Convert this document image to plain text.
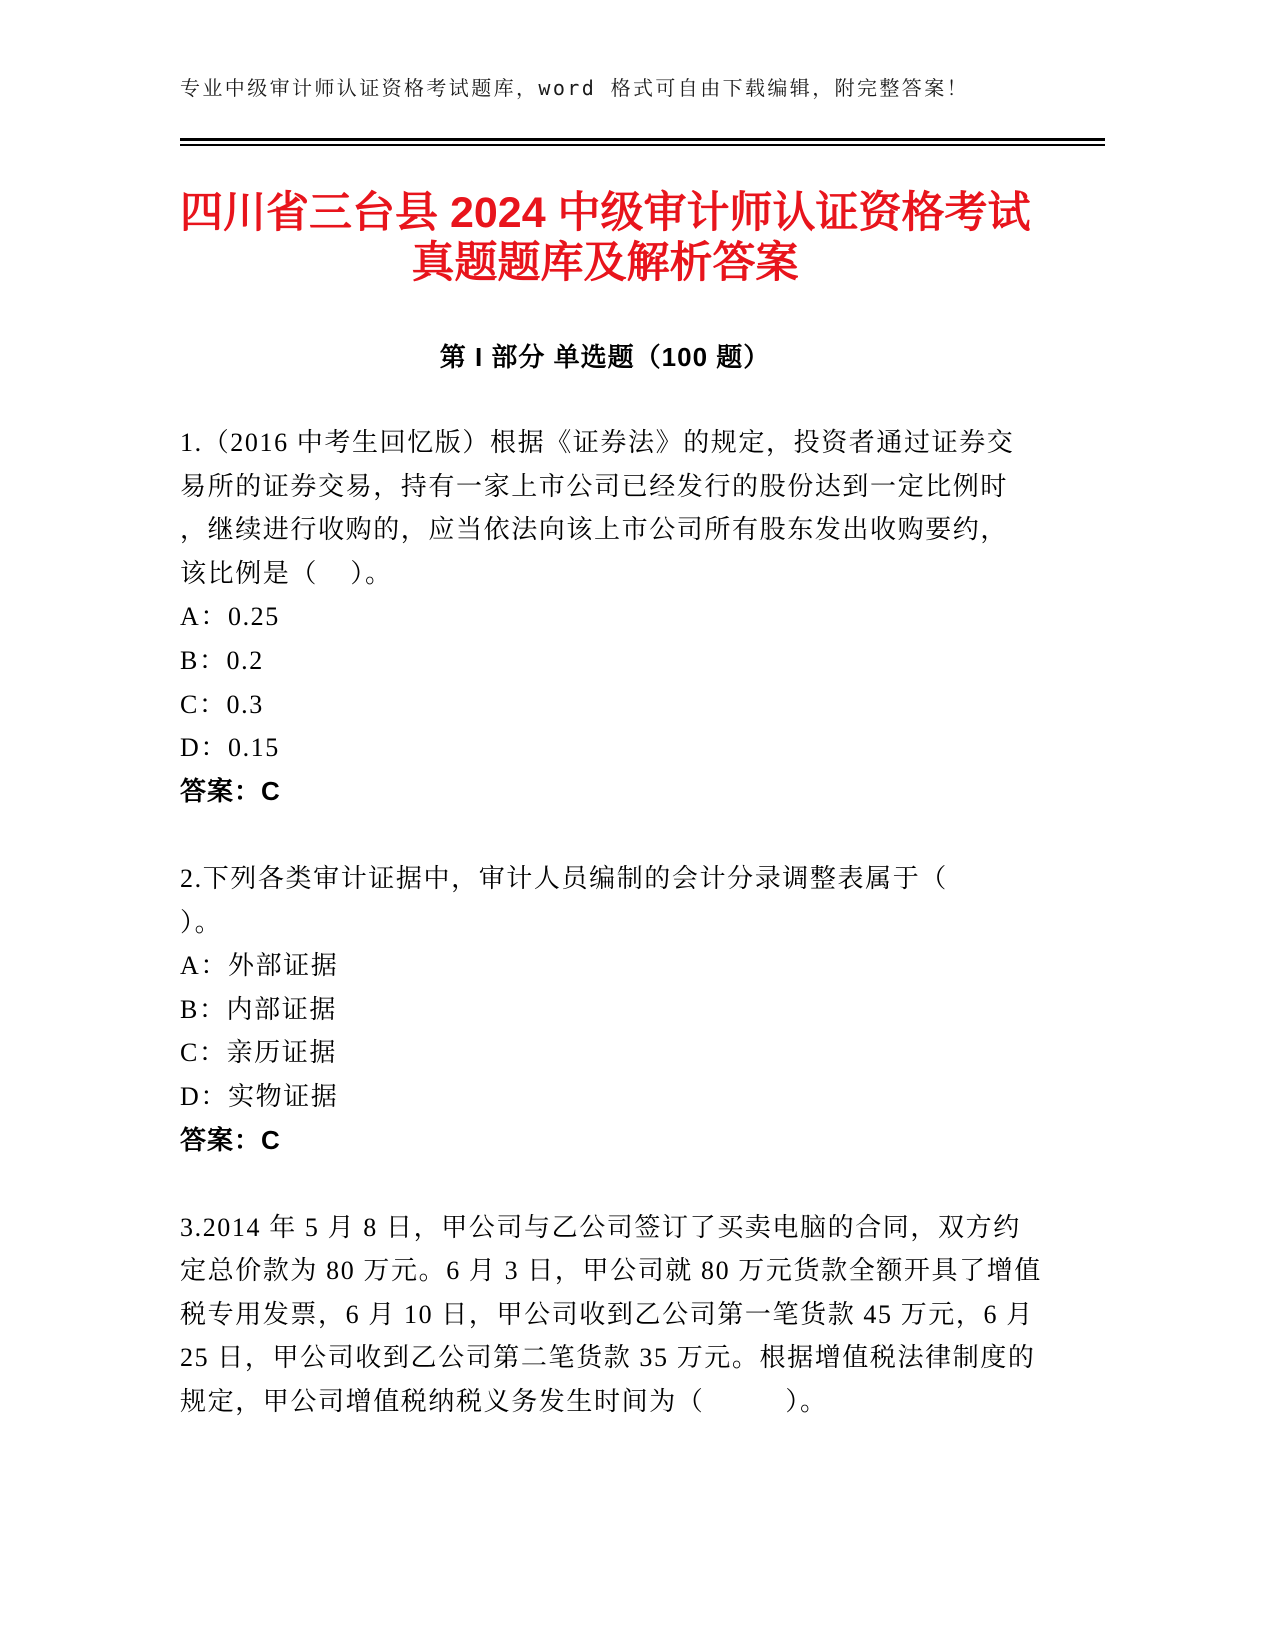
专业中级审计师认证资格考试题库，word 格式可自由下载编辑，附完整答案！
四川省三台县 2024 中级审计师认证资格考试
真题题库及解析答案
第 I 部分 单选题（100 题）
1.（2016 中考生回忆版）根据《证券法》的规定，投资者通过证券交
易所的证券交易，持有一家上市公司已经发行的股份达到一定比例时
，继续进行收购的，应当依法向该上市公司所有股东发出收购要约，
该比例是（    ）。
A：0.25
B：0.2
C：0.3
D：0.15
答案：C
2.下列各类审计证据中，审计人员编制的会计分录调整表属于（
）。
A：外部证据
B：内部证据
C：亲历证据
D：实物证据
答案：C
3.2014 年 5 月 8 日，甲公司与乙公司签订了买卖电脑的合同，双方约
定总价款为 80 万元。6 月 3 日，甲公司就 80 万元货款全额开具了增值
税专用发票，6 月 10 日，甲公司收到乙公司第一笔货款 45 万元，6 月
25 日，甲公司收到乙公司第二笔货款 35 万元。根据增值税法律制度的
规定，甲公司增值税纳税义务发生时间为（          ）。
